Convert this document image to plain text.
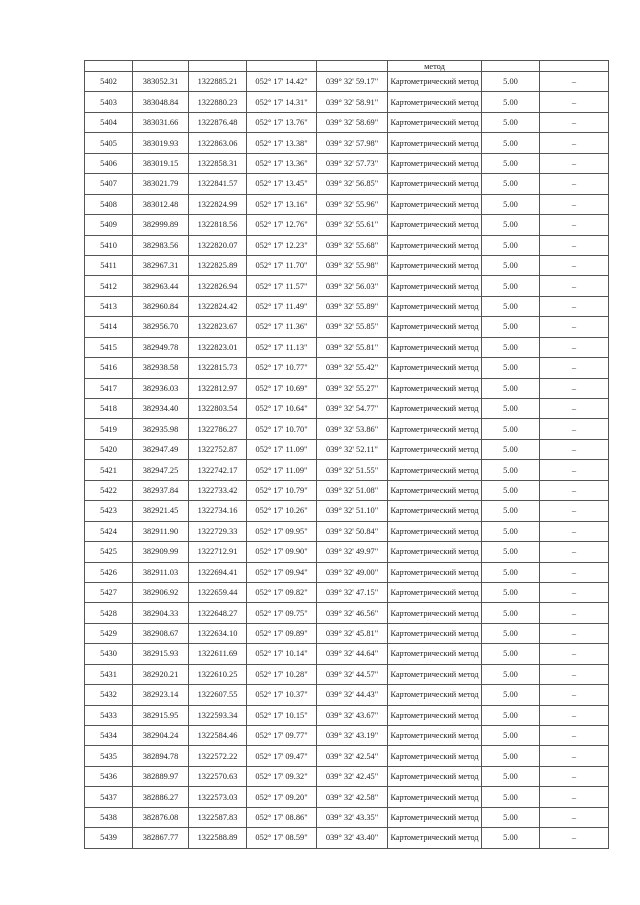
					метод		
5402	383052.31	1322885.21	052° 17' 14.42"	039° 32' 59.17"	Картометрический метод	5.00	–
5403	383048.84	1322880.23	052° 17' 14.31"	039° 32' 58.91"	Картометрический метод	5.00	–
5404	383031.66	1322876.48	052° 17' 13.76"	039° 32' 58.69"	Картометрический метод	5.00	–
5405	383019.93	1322863.06	052° 17' 13.38"	039° 32' 57.98"	Картометрический метод	5.00	–
5406	383019.15	1322858.31	052° 17' 13.36"	039° 32' 57.73"	Картометрический метод	5.00	–
5407	383021.79	1322841.57	052° 17' 13.45"	039° 32' 56.85"	Картометрический метод	5.00	–
5408	383012.48	1322824.99	052° 17' 13.16"	039° 32' 55.96"	Картометрический метод	5.00	–
5409	382999.89	1322818.56	052° 17' 12.76"	039° 32' 55.61"	Картометрический метод	5.00	–
5410	382983.56	1322820.07	052° 17' 12.23"	039° 32' 55.68"	Картометрический метод	5.00	–
5411	382967.31	1322825.89	052° 17' 11.70"	039° 32' 55.98"	Картометрический метод	5.00	–
5412	382963.44	1322826.94	052° 17' 11.57"	039° 32' 56.03"	Картометрический метод	5.00	–
5413	382960.84	1322824.42	052° 17' 11.49"	039° 32' 55.89"	Картометрический метод	5.00	–
5414	382956.70	1322823.67	052° 17' 11.36"	039° 32' 55.85"	Картометрический метод	5.00	–
5415	382949.78	1322823.01	052° 17' 11.13"	039° 32' 55.81"	Картометрический метод	5.00	–
5416	382938.58	1322815.73	052° 17' 10.77"	039° 32' 55.42"	Картометрический метод	5.00	–
5417	382936.03	1322812.97	052° 17' 10.69"	039° 32' 55.27"	Картометрический метод	5.00	–
5418	382934.40	1322803.54	052° 17' 10.64"	039° 32' 54.77"	Картометрический метод	5.00	–
5419	382935.98	1322786.27	052° 17' 10.70"	039° 32' 53.86"	Картометрический метод	5.00	–
5420	382947.49	1322752.87	052° 17' 11.09"	039° 32' 52.11"	Картометрический метод	5.00	–
5421	382947.25	1322742.17	052° 17' 11.09"	039° 32' 51.55"	Картометрический метод	5.00	–
5422	382937.84	1322733.42	052° 17' 10.79"	039° 32' 51.08"	Картометрический метод	5.00	–
5423	382921.45	1322734.16	052° 17' 10.26"	039° 32' 51.10"	Картометрический метод	5.00	–
5424	382911.90	1322729.33	052° 17' 09.95"	039° 32' 50.84"	Картометрический метод	5.00	–
5425	382909.99	1322712.91	052° 17' 09.90"	039° 32' 49.97"	Картометрический метод	5.00	–
5426	382911.03	1322694.41	052° 17' 09.94"	039° 32' 49.00"	Картометрический метод	5.00	–
5427	382906.92	1322659.44	052° 17' 09.82"	039° 32' 47.15"	Картометрический метод	5.00	–
5428	382904.33	1322648.27	052° 17' 09.75"	039° 32' 46.56"	Картометрический метод	5.00	–
5429	382908.67	1322634.10	052° 17' 09.89"	039° 32' 45.81"	Картометрический метод	5.00	–
5430	382915.93	1322611.69	052° 17' 10.14"	039° 32' 44.64"	Картометрический метод	5.00	–
5431	382920.21	1322610.25	052° 17' 10.28"	039° 32' 44.57"	Картометрический метод	5.00	–
5432	382923.14	1322607.55	052° 17' 10.37"	039° 32' 44.43"	Картометрический метод	5.00	–
5433	382915.95	1322593.34	052° 17' 10.15"	039° 32' 43.67"	Картометрический метод	5.00	–
5434	382904.24	1322584.46	052° 17' 09.77"	039° 32' 43.19"	Картометрический метод	5.00	–
5435	382894.78	1322572.22	052° 17' 09.47"	039° 32' 42.54"	Картометрический метод	5.00	–
5436	382889.97	1322570.63	052° 17' 09.32"	039° 32' 42.45"	Картометрический метод	5.00	–
5437	382886.27	1322573.03	052° 17' 09.20"	039° 32' 42.58"	Картометрический метод	5.00	–
5438	382876.08	1322587.83	052° 17' 08.86"	039° 32' 43.35"	Картометрический метод	5.00	–
5439	382867.77	1322588.89	052° 17' 08.59"	039° 32' 43.40"	Картометрический метод	5.00	–
